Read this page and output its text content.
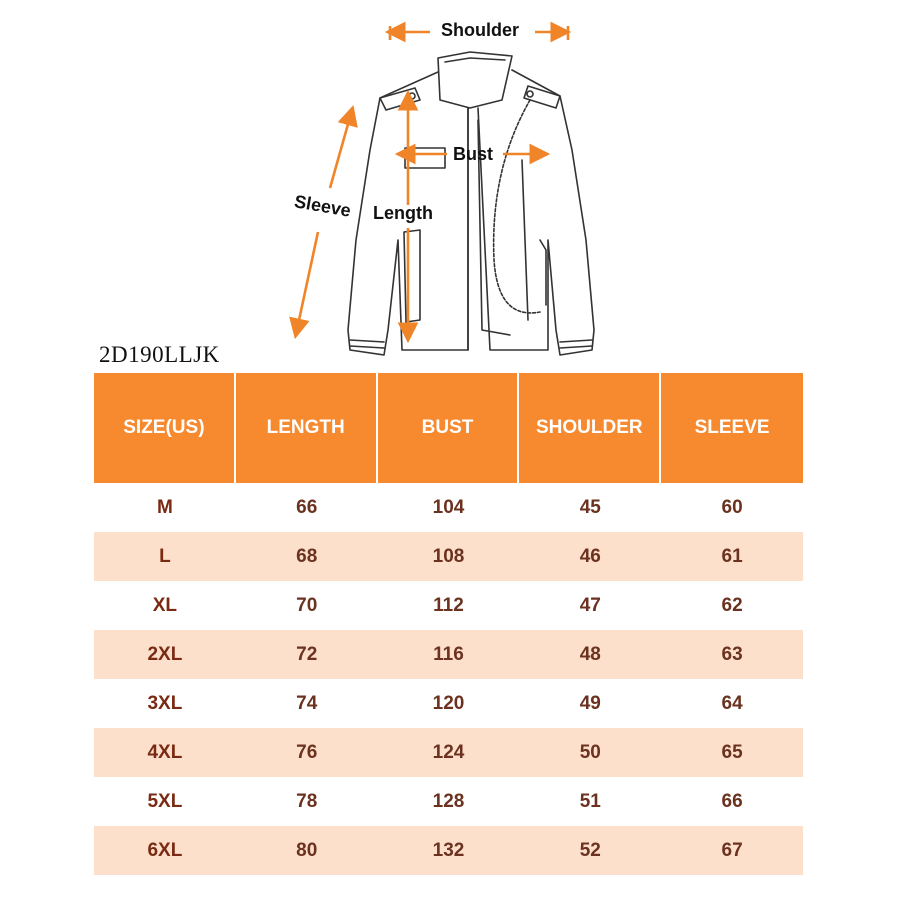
Shoulder
Bust
Sleeve Length
2D190LLJK
SIZE(US)	LENGTH	BUST	SHOULDER	SLEEVE
M	66	104	45	60
L	68	108	46	61
XL	70	112	47	62
2XL	72	116	48	63
3XL	74	120	49	64
4XL	76	124	50	65
5XL	78	128	51	66
6XL	80	132	52	67
